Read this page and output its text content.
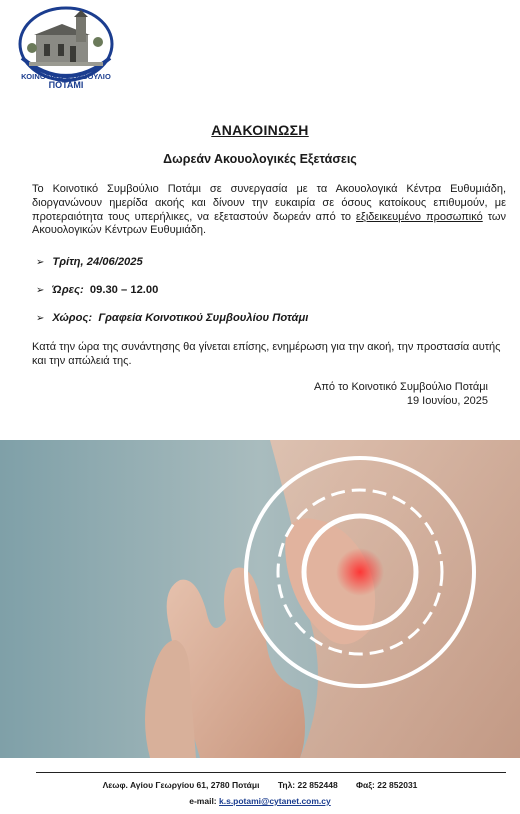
ΚΟΙΝΟΤΙΚΟ ΣΥΜΒΟΥΛΙΟ
ΠΟΤΑΜΙ
ΑΝΑΚΟΙΝΩΣΗ
Δωρεάν Ακουολογικές Εξετάσεις
Το Κοινοτικό Συμβούλιο Ποτάμι σε συνεργασία με τα Ακουολογικά Κέντρα Ευθυμιάδη, διοργανώνουν ημερίδα ακοής και δίνουν την ευκαιρία σε όσους κατοίκους επιθυμούν, με προτεραιότητα τους υπερήλικες, να εξεταστούν δωρεάν από το εξιδεικευμένο προσωπικό των Ακουολογικών Κέντρων Ευθυμιάδη.
➢ Τρίτη, 24/06/2025
➢ Ώρες: 09.30 – 12.00
➢ Χώρος: Γραφεία Κοινοτικού Συμβουλίου Ποτάμι
Κατά την ώρα της συνάντησης θα γίνεται επίσης, ενημέρωση για την ακοή, την προστασία αυτής και την απώλειά της.
Από το Κοινοτικό Συμβούλιο Ποτάμι
19 Ιουνίου, 2025
Λεωφ. Αγίου Γεωργίου 61, 2780 Ποτάμι Τηλ: 22 852448 Φαξ: 22 852031
e-mail: k.s.potami@cytanet.com.cy
